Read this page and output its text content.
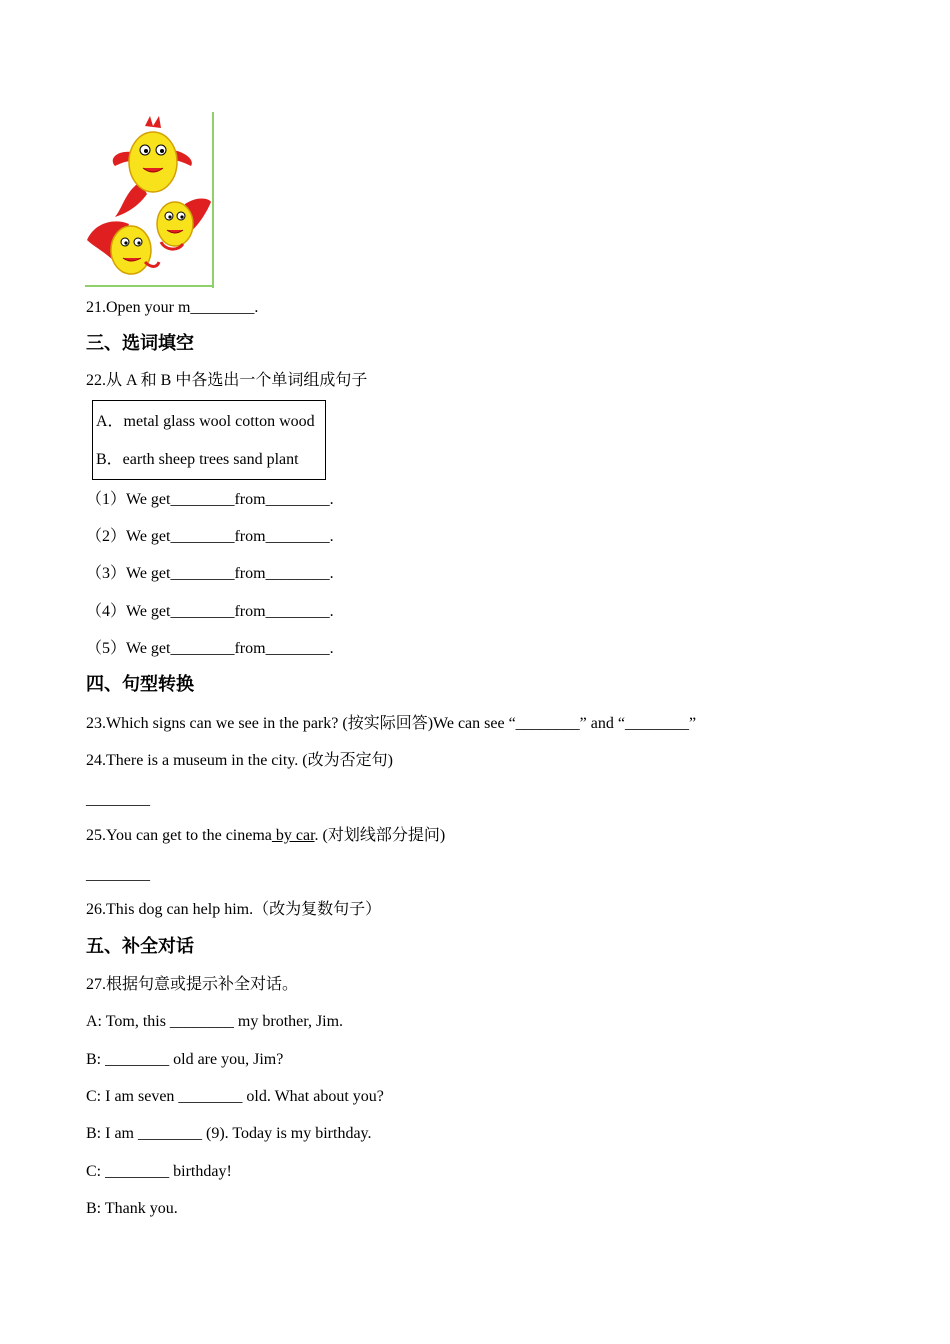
21.Open your m________.
三、选词填空
22.从 A 和 B 中各选出一个单词组成句子
A．metal glass wool cotton wood
B．earth sheep trees sand plant
（1）We get________from________.
（2）We get________from________.
（3）We get________from________.
（4）We get________from________.
（5）We get________from________.
四、句型转换
23.Which signs can we see in the park? (按实际回答)We can see “________” and “________”
24.There is a museum in the city. (改为否定句)
________
25.You can get to the cinema by car. (对划线部分提问)
________
26.This dog can help him.（改为复数句子）
五、补全对话
27.根据句意或提示补全对话。
A: Tom, this ________ my brother, Jim.
B: ________ old are you, Jim?
C: I am seven ________ old. What about you?
B: I am ________ (9). Today is my birthday.
C: ________ birthday!
B: Thank you.
